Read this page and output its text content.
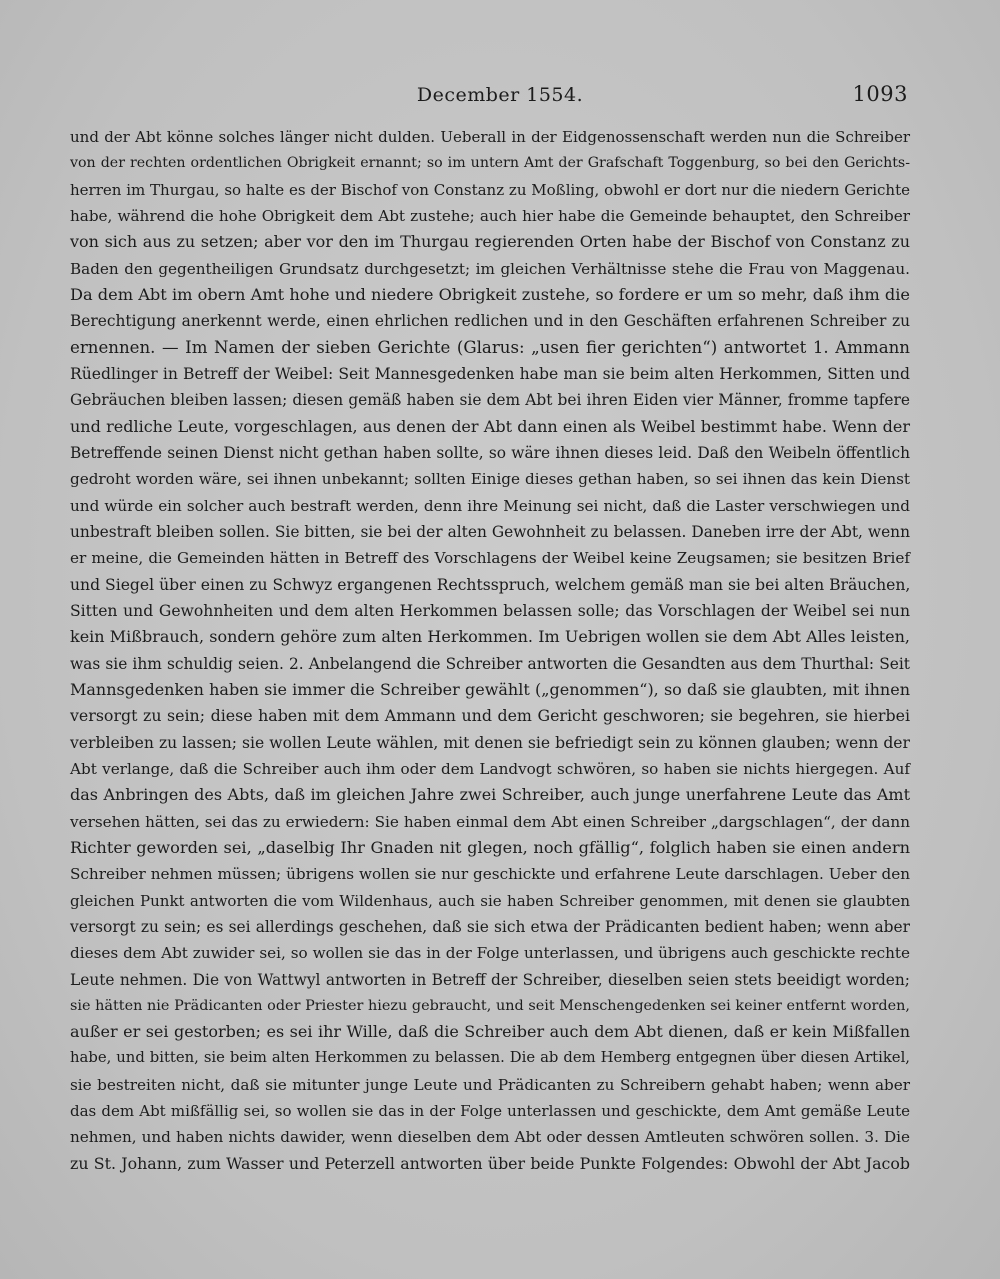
December 1554.	1093
und der Abt könne solches länger nicht dulden. Ueberall in der Eidgenossenschaft werden nun die Schreiber
von der rechten ordentlichen Obrigkeit ernannt; so im untern Amt der Grafschaft Toggenburg, so bei den Gerichts-
herren im Thurgau, so halte es der Bischof von Constanz zu Moßling, obwohl er dort nur die niedern Gerichte
habe, während die hohe Obrigkeit dem Abt zustehe; auch hier habe die Gemeinde behauptet, den Schreiber
von sich aus zu setzen; aber vor den im Thurgau regierenden Orten habe der Bischof von Constanz zu
Baden den gegentheiligen Grundsatz durchgesetzt; im gleichen Verhältnisse stehe die Frau von Maggenau.
Da dem Abt im obern Amt hohe und niedere Obrigkeit zustehe, so fordere er um so mehr, daß ihm die
Berechtigung anerkennt werde, einen ehrlichen redlichen und in den Geschäften erfahrenen Schreiber zu
ernennen. — Im Namen der sieben Gerichte (Glarus: „usen fier gerichten“) antwortet 1. Ammann
Rüedlinger in Betreff der Weibel: Seit Mannesgedenken habe man sie beim alten Herkommen, Sitten und
Gebräuchen bleiben lassen; diesen gemäß haben sie dem Abt bei ihren Eiden vier Männer, fromme tapfere
und redliche Leute, vorgeschlagen, aus denen der Abt dann einen als Weibel bestimmt habe. Wenn der
Betreffende seinen Dienst nicht gethan haben sollte, so wäre ihnen dieses leid. Daß den Weibeln öffentlich
gedroht worden wäre, sei ihnen unbekannt; sollten Einige dieses gethan haben, so sei ihnen das kein Dienst
und würde ein solcher auch bestraft werden, denn ihre Meinung sei nicht, daß die Laster verschwiegen und
unbestraft bleiben sollen. Sie bitten, sie bei der alten Gewohnheit zu belassen. Daneben irre der Abt, wenn
er meine, die Gemeinden hätten in Betreff des Vorschlagens der Weibel keine Zeugsamen; sie besitzen Brief
und Siegel über einen zu Schwyz ergangenen Rechtsspruch, welchem gemäß man sie bei alten Bräuchen,
Sitten und Gewohnheiten und dem alten Herkommen belassen solle; das Vorschlagen der Weibel sei nun
kein Mißbrauch, sondern gehöre zum alten Herkommen. Im Uebrigen wollen sie dem Abt Alles leisten,
was sie ihm schuldig seien. 2. Anbelangend die Schreiber antworten die Gesandten aus dem Thurthal: Seit
Mannsgedenken haben sie immer die Schreiber gewählt („genommen“), so daß sie glaubten, mit ihnen
versorgt zu sein; diese haben mit dem Ammann und dem Gericht geschworen; sie begehren, sie hierbei
verbleiben zu lassen; sie wollen Leute wählen, mit denen sie befriedigt sein zu können glauben; wenn der
Abt verlange, daß die Schreiber auch ihm oder dem Landvogt schwören, so haben sie nichts hiergegen. Auf
das Anbringen des Abts, daß im gleichen Jahre zwei Schreiber, auch junge unerfahrene Leute das Amt
versehen hätten, sei das zu erwiedern: Sie haben einmal dem Abt einen Schreiber „dargschlagen“, der dann
Richter geworden sei, „daselbig Ihr Gnaden nit glegen, noch gfällig“, folglich haben sie einen andern
Schreiber nehmen müssen; übrigens wollen sie nur geschickte und erfahrene Leute darschlagen. Ueber den
gleichen Punkt antworten die vom Wildenhaus, auch sie haben Schreiber genommen, mit denen sie glaubten
versorgt zu sein; es sei allerdings geschehen, daß sie sich etwa der Prädicanten bedient haben; wenn aber
dieses dem Abt zuwider sei, so wollen sie das in der Folge unterlassen, und übrigens auch geschickte rechte
Leute nehmen. Die von Wattwyl antworten in Betreff der Schreiber, dieselben seien stets beeidigt worden;
sie hätten nie Prädicanten oder Priester hiezu gebraucht, und seit Menschengedenken sei keiner entfernt worden,
außer er sei gestorben; es sei ihr Wille, daß die Schreiber auch dem Abt dienen, daß er kein Mißfallen
habe, und bitten, sie beim alten Herkommen zu belassen. Die ab dem Hemberg entgegnen über diesen Artikel,
sie bestreiten nicht, daß sie mitunter junge Leute und Prädicanten zu Schreibern gehabt haben; wenn aber
das dem Abt mißfällig sei, so wollen sie das in der Folge unterlassen und geschickte, dem Amt gemäße Leute
nehmen, und haben nichts dawider, wenn dieselben dem Abt oder dessen Amtleuten schwören sollen. 3. Die
zu St. Johann, zum Wasser und Peterzell antworten über beide Punkte Folgendes: Obwohl der Abt Jacob
